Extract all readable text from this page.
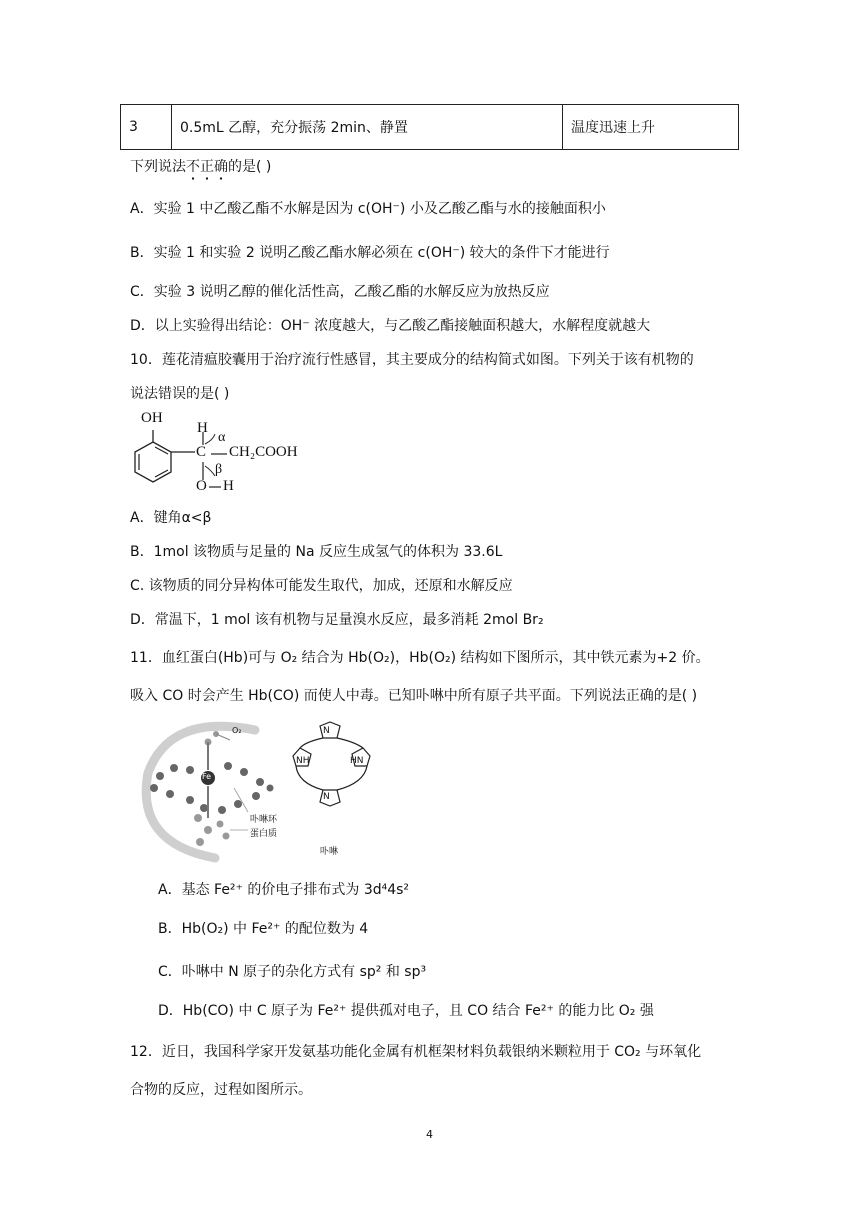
3	0.5mL 乙醇，充分振荡 2min、静置	温度迅速上升
下列说法不正确的是( )
A．实验 1 中乙酸乙酯不水解是因为 c(OH⁻) 小及乙酸乙酯与水的接触面积小
B．实验 1 和实验 2 说明乙酸乙酯水解必须在 c(OH⁻) 较大的条件下才能进行
C．实验 3 说明乙醇的催化活性高，乙酸乙酯的水解反应为放热反应
D．以上实验得出结论：OH⁻ 浓度越大，与乙酸乙酯接触面积越大，水解程度就越大
10．莲花清瘟胶囊用于治疗流行性感冒，其主要成分的结构简式如图。下列关于该有机物的
说法错误的是( )
OH
H
α
C CH₂COOH
β
O H
A．键角α<β
B．1mol 该物质与足量的 Na 反应生成氢气的体积为 33.6L
C. 该物质的同分异构体可能发生取代，加成，还原和水解反应
D．常温下，1 mol 该有机物与足量溴水反应，最多消耗 2mol Br₂
11．血红蛋白(Hb)可与 O₂ 结合为 Hb(O₂)，Hb(O₂) 结构如下图所示，其中铁元素为+2 价。
吸入 CO 时会产生 Hb(CO) 而使人中毒。已知卟啉中所有原子共平面。下列说法正确的是( )
O₂
Fe
卟啉环
蛋白质
N
NH	HN
N
卟啉
A．基态 Fe²⁺ 的价电子排布式为 3d⁴4s²
B．Hb(O₂) 中 Fe²⁺ 的配位数为 4
C．卟啉中 N 原子的杂化方式有 sp² 和 sp³
D．Hb(CO) 中 C 原子为 Fe²⁺ 提供孤对电子，且 CO 结合 Fe²⁺ 的能力比 O₂ 强
12．近日，我国科学家开发氨基功能化金属有机框架材料负载银纳米颗粒用于 CO₂ 与环氧化
合物的反应，过程如图所示。
4
